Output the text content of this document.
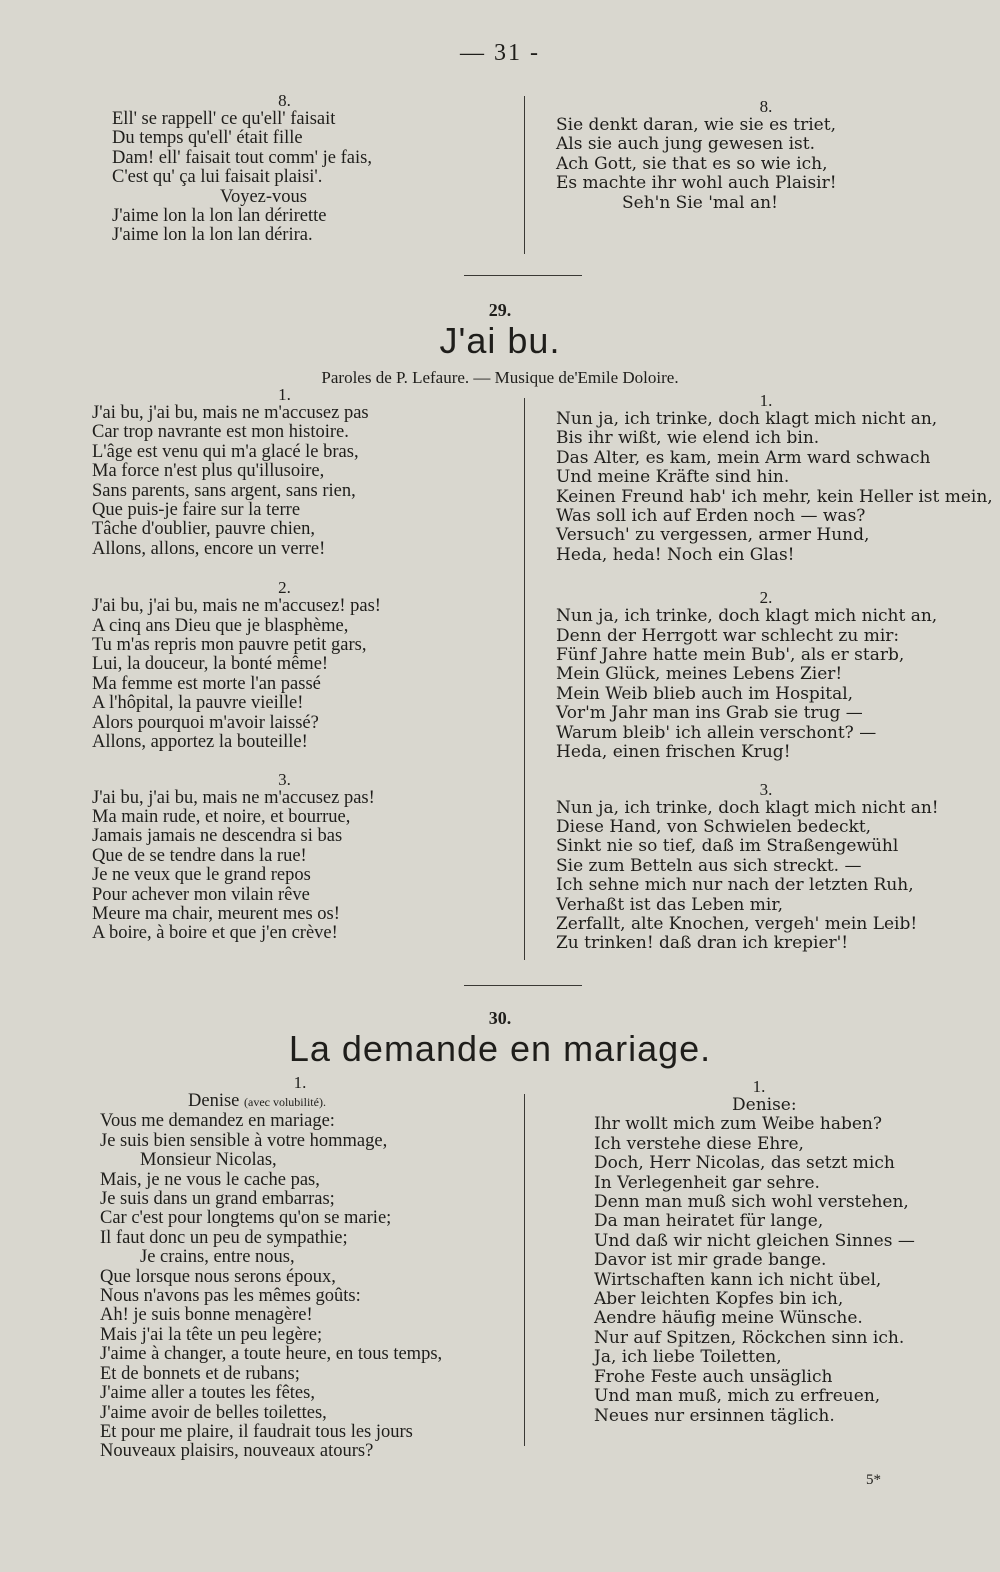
— 31 -
8.
Ell' se rappell' ce qu'ell' faisait
Du temps qu'ell' était fille
Dam! ell' faisait tout comm' je fais,
C'est qu' ça lui faisait plaisi'.
Voyez-vous
J'aime lon la lon lan dérirette
J'aime lon la lon lan dérira.
8.
Sie denkt daran, wie sie es triet,
Als sie auch jung gewesen ist.
Ach Gott, sie that es so wie ich,
Es machte ihr wohl auch Plaisir!
Seh'n Sie 'mal an!
29.
J'ai bu.
Paroles de P. Lefaure. — Musique de'Emile Doloire.
1.
J'ai bu, j'ai bu, mais ne m'accusez pas
Car trop navrante est mon histoire.
L'âge est venu qui m'a glacé le bras,
Ma force n'est plus qu'illusoire,
Sans parents, sans argent, sans rien,
Que puis-je faire sur la terre
Tâche d'oublier, pauvre chien,
Allons, allons, encore un verre!
2.
J'ai bu, j'ai bu, mais ne m'accusez! pas!
A cinq ans Dieu que je blasphème,
Tu m'as repris mon pauvre petit gars,
Lui, la douceur, la bonté même!
Ma femme est morte l'an passé
A l'hôpital, la pauvre vieille!
Alors pourquoi m'avoir laissé?
Allons, apportez la bouteille!
3.
J'ai bu, j'ai bu, mais ne m'accusez pas!
Ma main rude, et noire, et bourrue,
Jamais jamais ne descendra si bas
Que de se tendre dans la rue!
Je ne veux que le grand repos
Pour achever mon vilain rêve
Meure ma chair, meurent mes os!
A boire, à boire et que j'en crève!
1.
Nun ja, ich trinke, doch klagt mich nicht an,
Bis ihr wißt, wie elend ich bin.
Das Alter, es kam, mein Arm ward schwach
Und meine Kräfte sind hin.
Keinen Freund hab' ich mehr, kein Heller ist mein,
Was soll ich auf Erden noch — was?
Versuch' zu vergessen, armer Hund,
Heda, heda! Noch ein Glas!
2.
Nun ja, ich trinke, doch klagt mich nicht an,
Denn der Herrgott war schlecht zu mir:
Fünf Jahre hatte mein Bub', als er starb,
Mein Glück, meines Lebens Zier!
Mein Weib blieb auch im Hospital,
Vor'm Jahr man ins Grab sie trug —
Warum bleib' ich allein verschont? —
Heda, einen frischen Krug!
3.
Nun ja, ich trinke, doch klagt mich nicht an!
Diese Hand, von Schwielen bedeckt,
Sinkt nie so tief, daß im Straßengewühl
Sie zum Betteln aus sich streckt. —
Ich sehne mich nur nach der letzten Ruh,
Verhaßt ist das Leben mir,
Zerfallt, alte Knochen, vergeh' mein Leib!
Zu trinken! daß dran ich krepier'!
30.
La demande en mariage.
1.
Denise (avec volubilité).
Vous me demandez en mariage:
Je suis bien sensible à votre hommage,
Monsieur Nicolas,
Mais, je ne vous le cache pas,
Je suis dans un grand embarras;
Car c'est pour longtems qu'on se marie;
Il faut donc un peu de sympathie;
Je crains, entre nous,
Que lorsque nous serons époux,
Nous n'avons pas les mêmes goûts:
Ah! je suis bonne menagère!
Mais j'ai la tête un peu legère;
J'aime à changer, a toute heure, en tous temps,
Et de bonnets et de rubans;
J'aime aller a toutes les fêtes,
J'aime avoir de belles toilettes,
Et pour me plaire, il faudrait tous les jours
Nouveaux plaisirs, nouveaux atours?
1.
Denise:
Ihr wollt mich zum Weibe haben?
Ich verstehe diese Ehre,
Doch, Herr Nicolas, das setzt mich
In Verlegenheit gar sehre.
Denn man muß sich wohl verstehen,
Da man heiratet für lange,
Und daß wir nicht gleichen Sinnes —
Davor ist mir grade bange.
Wirtschaften kann ich nicht übel,
Aber leichten Kopfes bin ich,
Aendre häufig meine Wünsche.
Nur auf Spitzen, Röckchen sinn ich.
Ja, ich liebe Toiletten,
Frohe Feste auch unsäglich
Und man muß, mich zu erfreuen,
Neues nur ersinnen täglich.
5*
